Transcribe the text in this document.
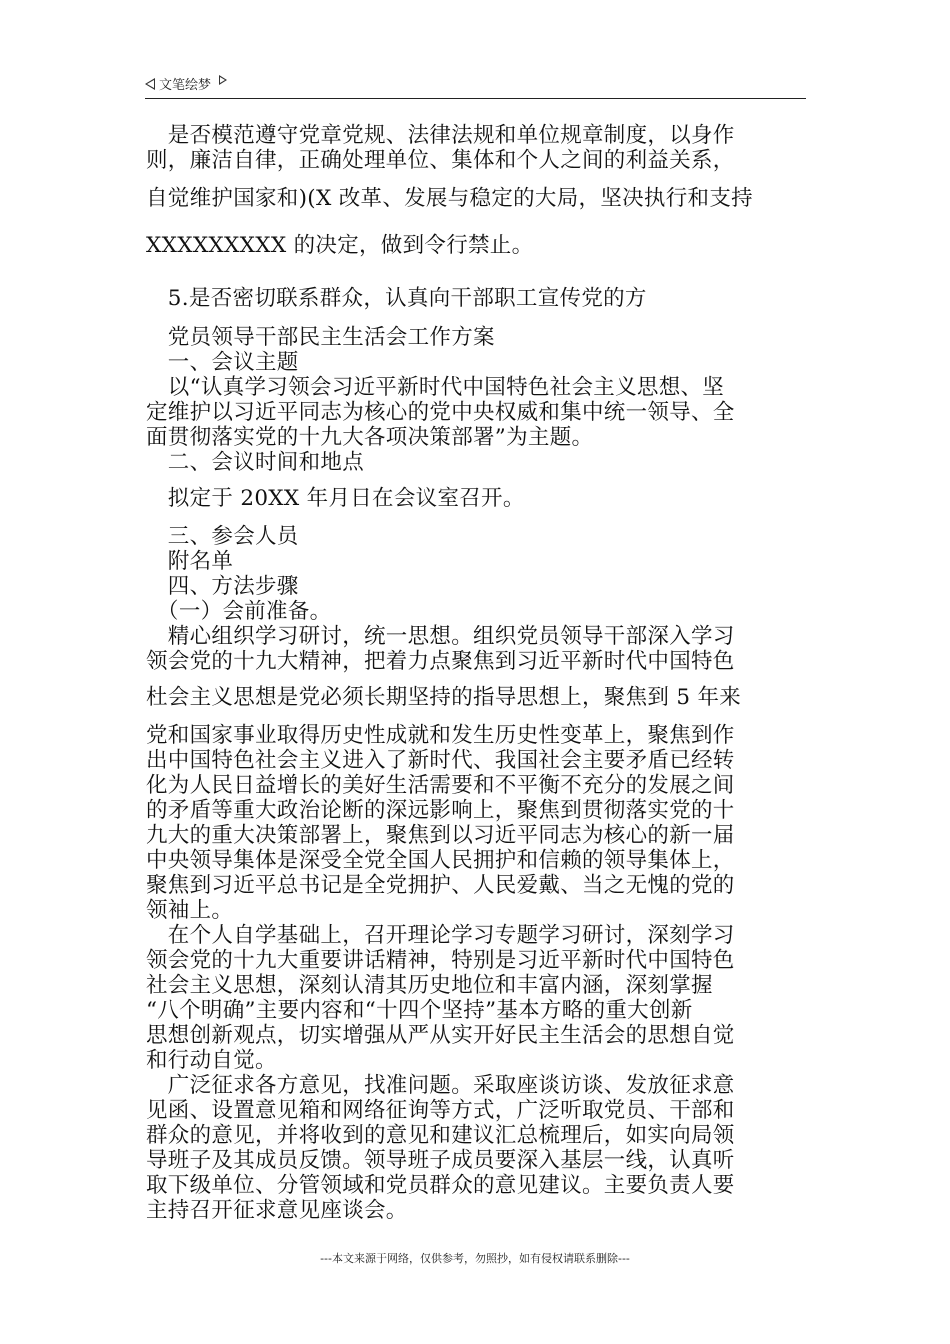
文笔绘梦
　是否模范遵守党章党规、法律法规和单位规章制度，以身作
则，廉洁自律，正确处理单位、集体和个人之间的利益关系，
自觉维护国家和)(X 改革、发展与稳定的大局，坚决执行和支持
XXXXXXXXX 的决定，做到令行禁止。
　5.是否密切联系群众，认真向干部职工宣传党的方
　党员领导干部民主生活会工作方案
　一、会议主题
　以“认真学习领会习近平新时代中国特色社会主义思想、坚
定维护以习近平同志为核心的党中央权威和集中统一领导、全
面贯彻落实党的十九大各项决策部署”为主题。
　二、会议时间和地点
　拟定于 20XX 年月日在会议室召开。
　三、参会人员
　附名单
　四、方法步骤
　（一）会前准备。
　精心组织学习研讨，统一思想。组织党员领导干部深入学习
领会党的十九大精神，把着力点聚焦到习近平新时代中国特色
杜会主义思想是党必须长期坚持的指导思想上，聚焦到 5 年来
党和国家事业取得历史性成就和发生历史性变革上，聚焦到作
出中国特色社会主义进入了新时代、我国社会主要矛盾已经转
化为人民日益增长的美好生活需要和不平衡不充分的发展之间
的矛盾等重大政治论断的深远影响上，聚焦到贯彻落实党的十
九大的重大决策部署上，聚焦到以习近平同志为核心的新一届
中央领导集体是深受全党全国人民拥护和信赖的领导集体上，
聚焦到习近平总书记是全党拥护、人民爱戴、当之无愧的党的
领袖上。
　在个人自学基础上，召开理论学习专题学习研讨，深刻学习
领会党的十九大重要讲话精神，特别是习近平新时代中国特色
社会主义思想，深刻认清其历史地位和丰富内涵，深刻掌握
“八个明确”主要内容和“十四个坚持”基本方略的重大创新
思想创新观点，切实增强从严从实开好民主生活会的思想自觉
和行动自觉。
　广泛征求各方意见，找准问题。采取座谈访谈、发放征求意
见函、设置意见箱和网络征询等方式，广泛听取党员、干部和
群众的意见，并将收到的意见和建议汇总梳理后，如实向局领
导班子及其成员反馈。领导班子成员要深入基层一线，认真听
取下级单位、分管领域和党员群众的意见建议。主要负责人要
主持召开征求意见座谈会。
---本文来源于网络，仅供参考，勿照抄，如有侵权请联系删除---
